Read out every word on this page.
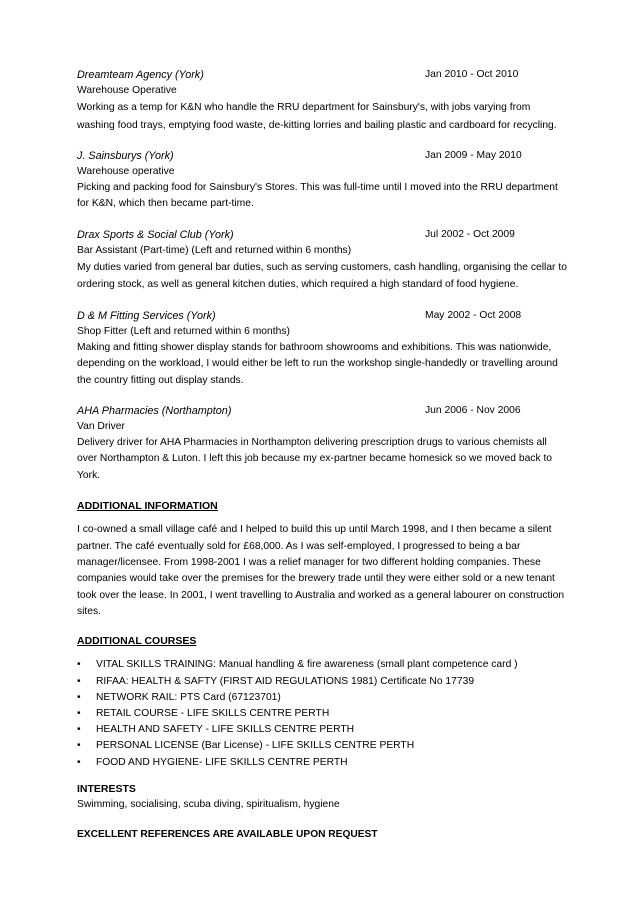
Dreamteam Agency (York)	Jan 2010 - Oct 2010

Warehouse Operative

Working as a temp for K&N who handle the RRU department for Sainsbury's, with jobs varying from washing food trays, emptying food waste, de-kitting lorries and bailing plastic and cardboard for recycling.

J. Sainsburys (York)	Jan 2009 - May 2010

Warehouse operative

Picking and packing food for Sainsbury's Stores. This was full-time until I moved into the RRU department for K&N, which then became part-time.

Drax Sports & Social Club (York)	Jul 2002 - Oct 2009

Bar Assistant (Part-time) (Left and returned within 6 months)

My duties varied from general bar duties, such as serving customers, cash handling, organising the cellar to ordering stock, as well as general kitchen duties, which required a high standard of food hygiene.

D & M Fitting Services (York)	May 2002 - Oct 2008

Shop Fitter (Left and returned within 6 months)

Making and fitting shower display stands for bathroom showrooms and exhibitions. This was nationwide, depending on the workload, I would either be left to run the workshop single-handedly or travelling around the country fitting out display stands.

AHA Pharmacies (Northampton)	Jun 2006 - Nov 2006

Van Driver

Delivery driver for AHA Pharmacies in Northampton delivering prescription drugs to various chemists all over Northampton & Luton. I left this job because my ex-partner became homesick so we moved back to York.

ADDITIONAL INFORMATION

I co-owned a small village café and I helped to build this up until March 1998, and I then became a silent partner. The café eventually sold for £68,000. As I was self-employed, I progressed to being a bar manager/licensee. From 1998-2001 I was a relief manager for two different holding companies. These companies would take over the premises for the brewery trade until they were either sold or a new tenant took over the lease. In 2001, I went travelling to Australia and worked as a general labourer on construction sites.

ADDITIONAL COURSES
•	VITAL SKILLS TRAINING: Manual handling & fire awareness (small plant competence card )
•	RIFAA: HEALTH & SAFTY (FIRST AID REGULATIONS 1981) Certificate No 17739
•	NETWORK RAIL: PTS Card (67123701)
•	RETAIL COURSE - LIFE SKILLS CENTRE PERTH
•	HEALTH AND SAFETY - LIFE SKILLS CENTRE PERTH
•	PERSONAL LICENSE (Bar License) - LIFE SKILLS CENTRE PERTH
•	FOOD AND HYGIENE- LIFE SKILLS CENTRE PERTH
INTERESTS
Swimming, socialising, scuba diving, spiritualism, hygiene
EXCELLENT REFERENCES ARE AVAILABLE UPON REQUEST
